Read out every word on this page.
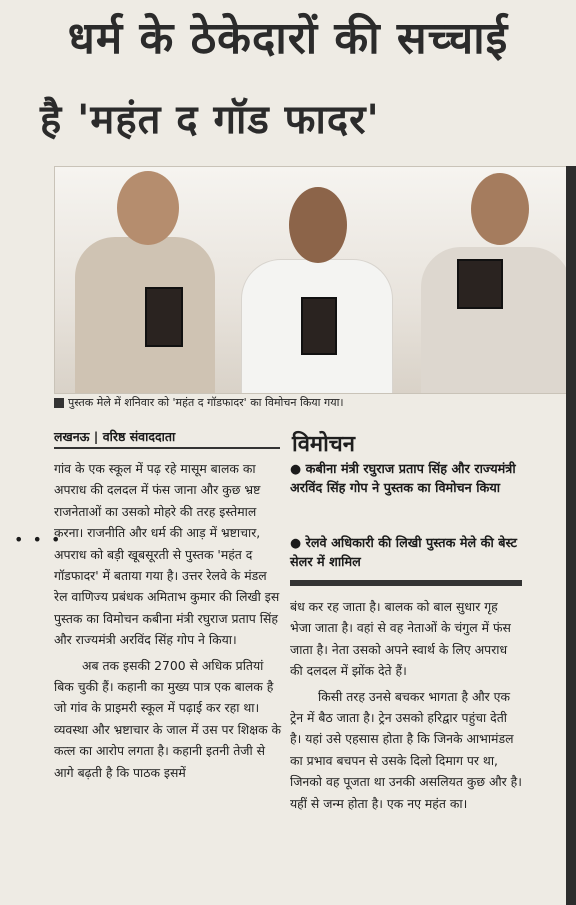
धर्म के ठेकेदारों की सच्चाई
है 'महंत द गॉड फादर'
पुस्तक मेले में शनिवार को 'महंत द गॉडफादर' का विमोचन किया गया।
लखनऊ | वरिष्ठ संवाददाता	विमोचन
● कबीना मंत्री रघुराज प्रताप सिंह और राज्यमंत्री अरविंद सिंह गोप ने पुस्तक का विमोचन किया
● रेलवे अधिकारी की लिखी पुस्तक मेले की बेस्ट सेलर में शामिल
• • •

गांव के एक स्कूल में पढ़ रहे मासूम बालक का अपराध की दलदल में फंस जाना और कुछ भ्रष्ट राजनेताओं का उसको मोहरे की तरह इस्तेमाल करना। राजनीति और धर्म की आड़ में भ्रष्टाचार, अपराध को बड़ी खूबसूरती से पुस्तक 'महंत द गॉडफादर' में बताया गया है। उत्तर रेलवे के मंडल रेल वाणिज्य प्रबंधक अमिताभ कुमार की लिखी इस पुस्तक का विमोचन कबीना मंत्री रघुराज प्रताप सिंह और राज्यमंत्री अरविंद सिंह गोप ने किया।

अब तक इसकी 2700 से अधिक प्रतियां बिक चुकी हैं। कहानी का मुख्य पात्र एक बालक है जो गांव के प्राइमरी स्कूल में पढ़ाई कर रहा था। व्यवस्था और भ्रष्टाचार के जाल में उस पर शिक्षक के कत्ल का आरोप लगता है। कहानी इतनी तेजी से आगे बढ़ती है कि पाठक इसमें

बंध कर रह जाता है। बालक को बाल सुधार गृह भेजा जाता है। वहां से वह नेताओं के चंगुल में फंस जाता है। नेता उसको अपने स्वार्थ के लिए अपराध की दलदल में झोंक देते हैं।

किसी तरह उनसे बचकर भागता है और एक ट्रेन में बैठ जाता है। ट्रेन उसको हरिद्वार पहुंचा देती है। यहां उसे एहसास होता है कि जिनके आभामंडल का प्रभाव बचपन से उसके दिलो दिमाग पर था, जिनको वह पूजता था उनकी असलियत कुछ और है। यहीं से जन्म होता है। एक नए महंत का।
